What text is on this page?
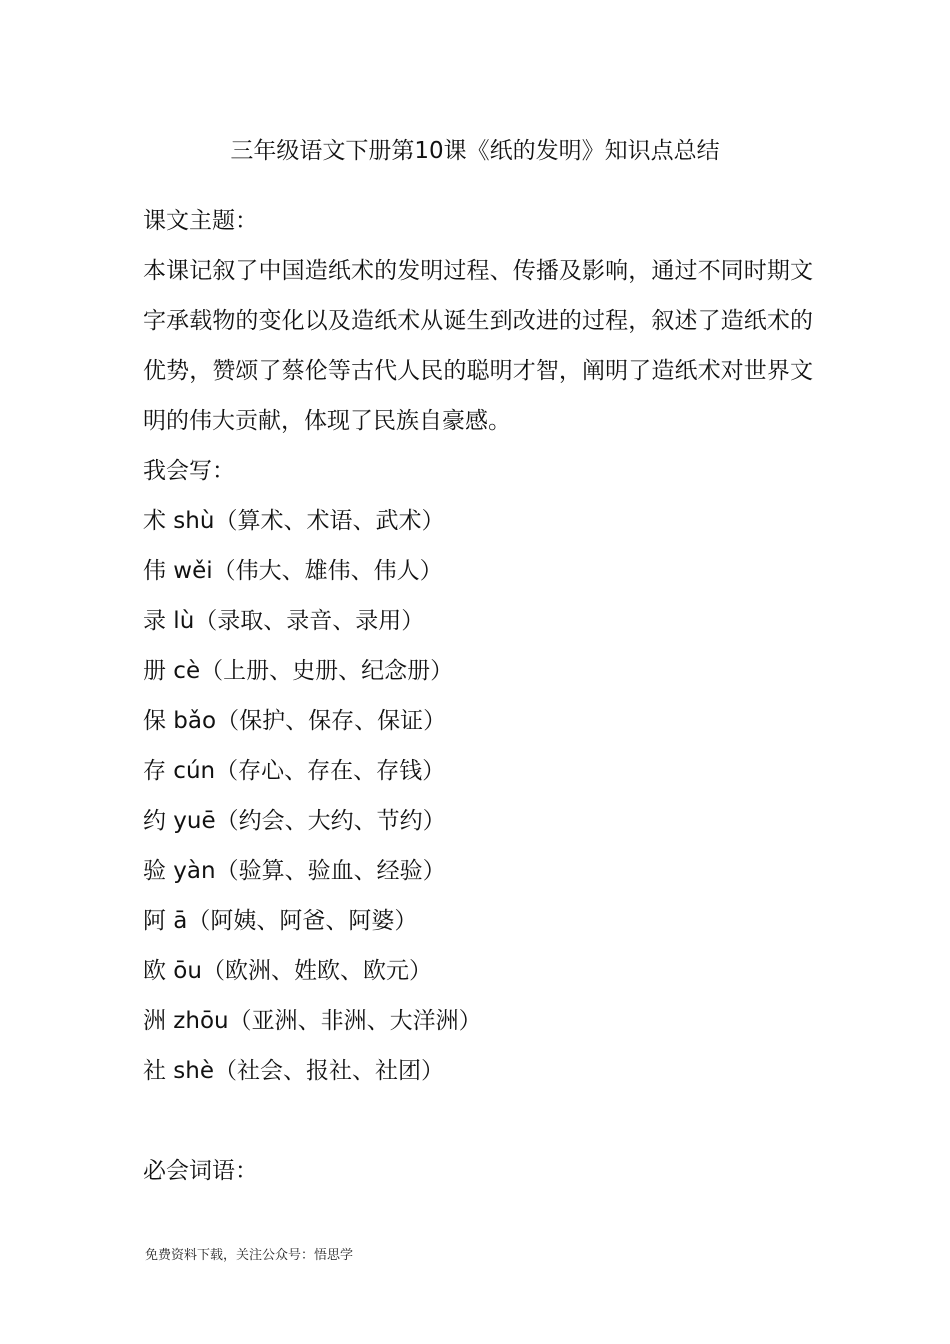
三年级语文下册第10课《纸的发明》知识点总结
课文主题：
本课记叙了中国造纸术的发明过程、传播及影响，通过不同时期文字承载物的变化以及造纸术从诞生到改进的过程，叙述了造纸术的优势，赞颂了蔡伦等古代人民的聪明才智，阐明了造纸术对世界文明的伟大贡献，体现了民族自豪感。
我会写：
术 shù（算术、术语、武术）
伟 wěi（伟大、雄伟、伟人）
录 lù（录取、录音、录用）
册 cè（上册、史册、纪念册）
保 bǎo（保护、保存、保证）
存 cún（存心、存在、存钱）
约 yuē（约会、大约、节约）
验 yàn（验算、验血、经验）
阿 ā（阿姨、阿爸、阿婆）
欧 ōu（欧洲、姓欧、欧元）
洲 zhōu（亚洲、非洲、大洋洲）
社 shè（社会、报社、社团）
必会词语：
免费资料下载，关注公众号：悟思学
